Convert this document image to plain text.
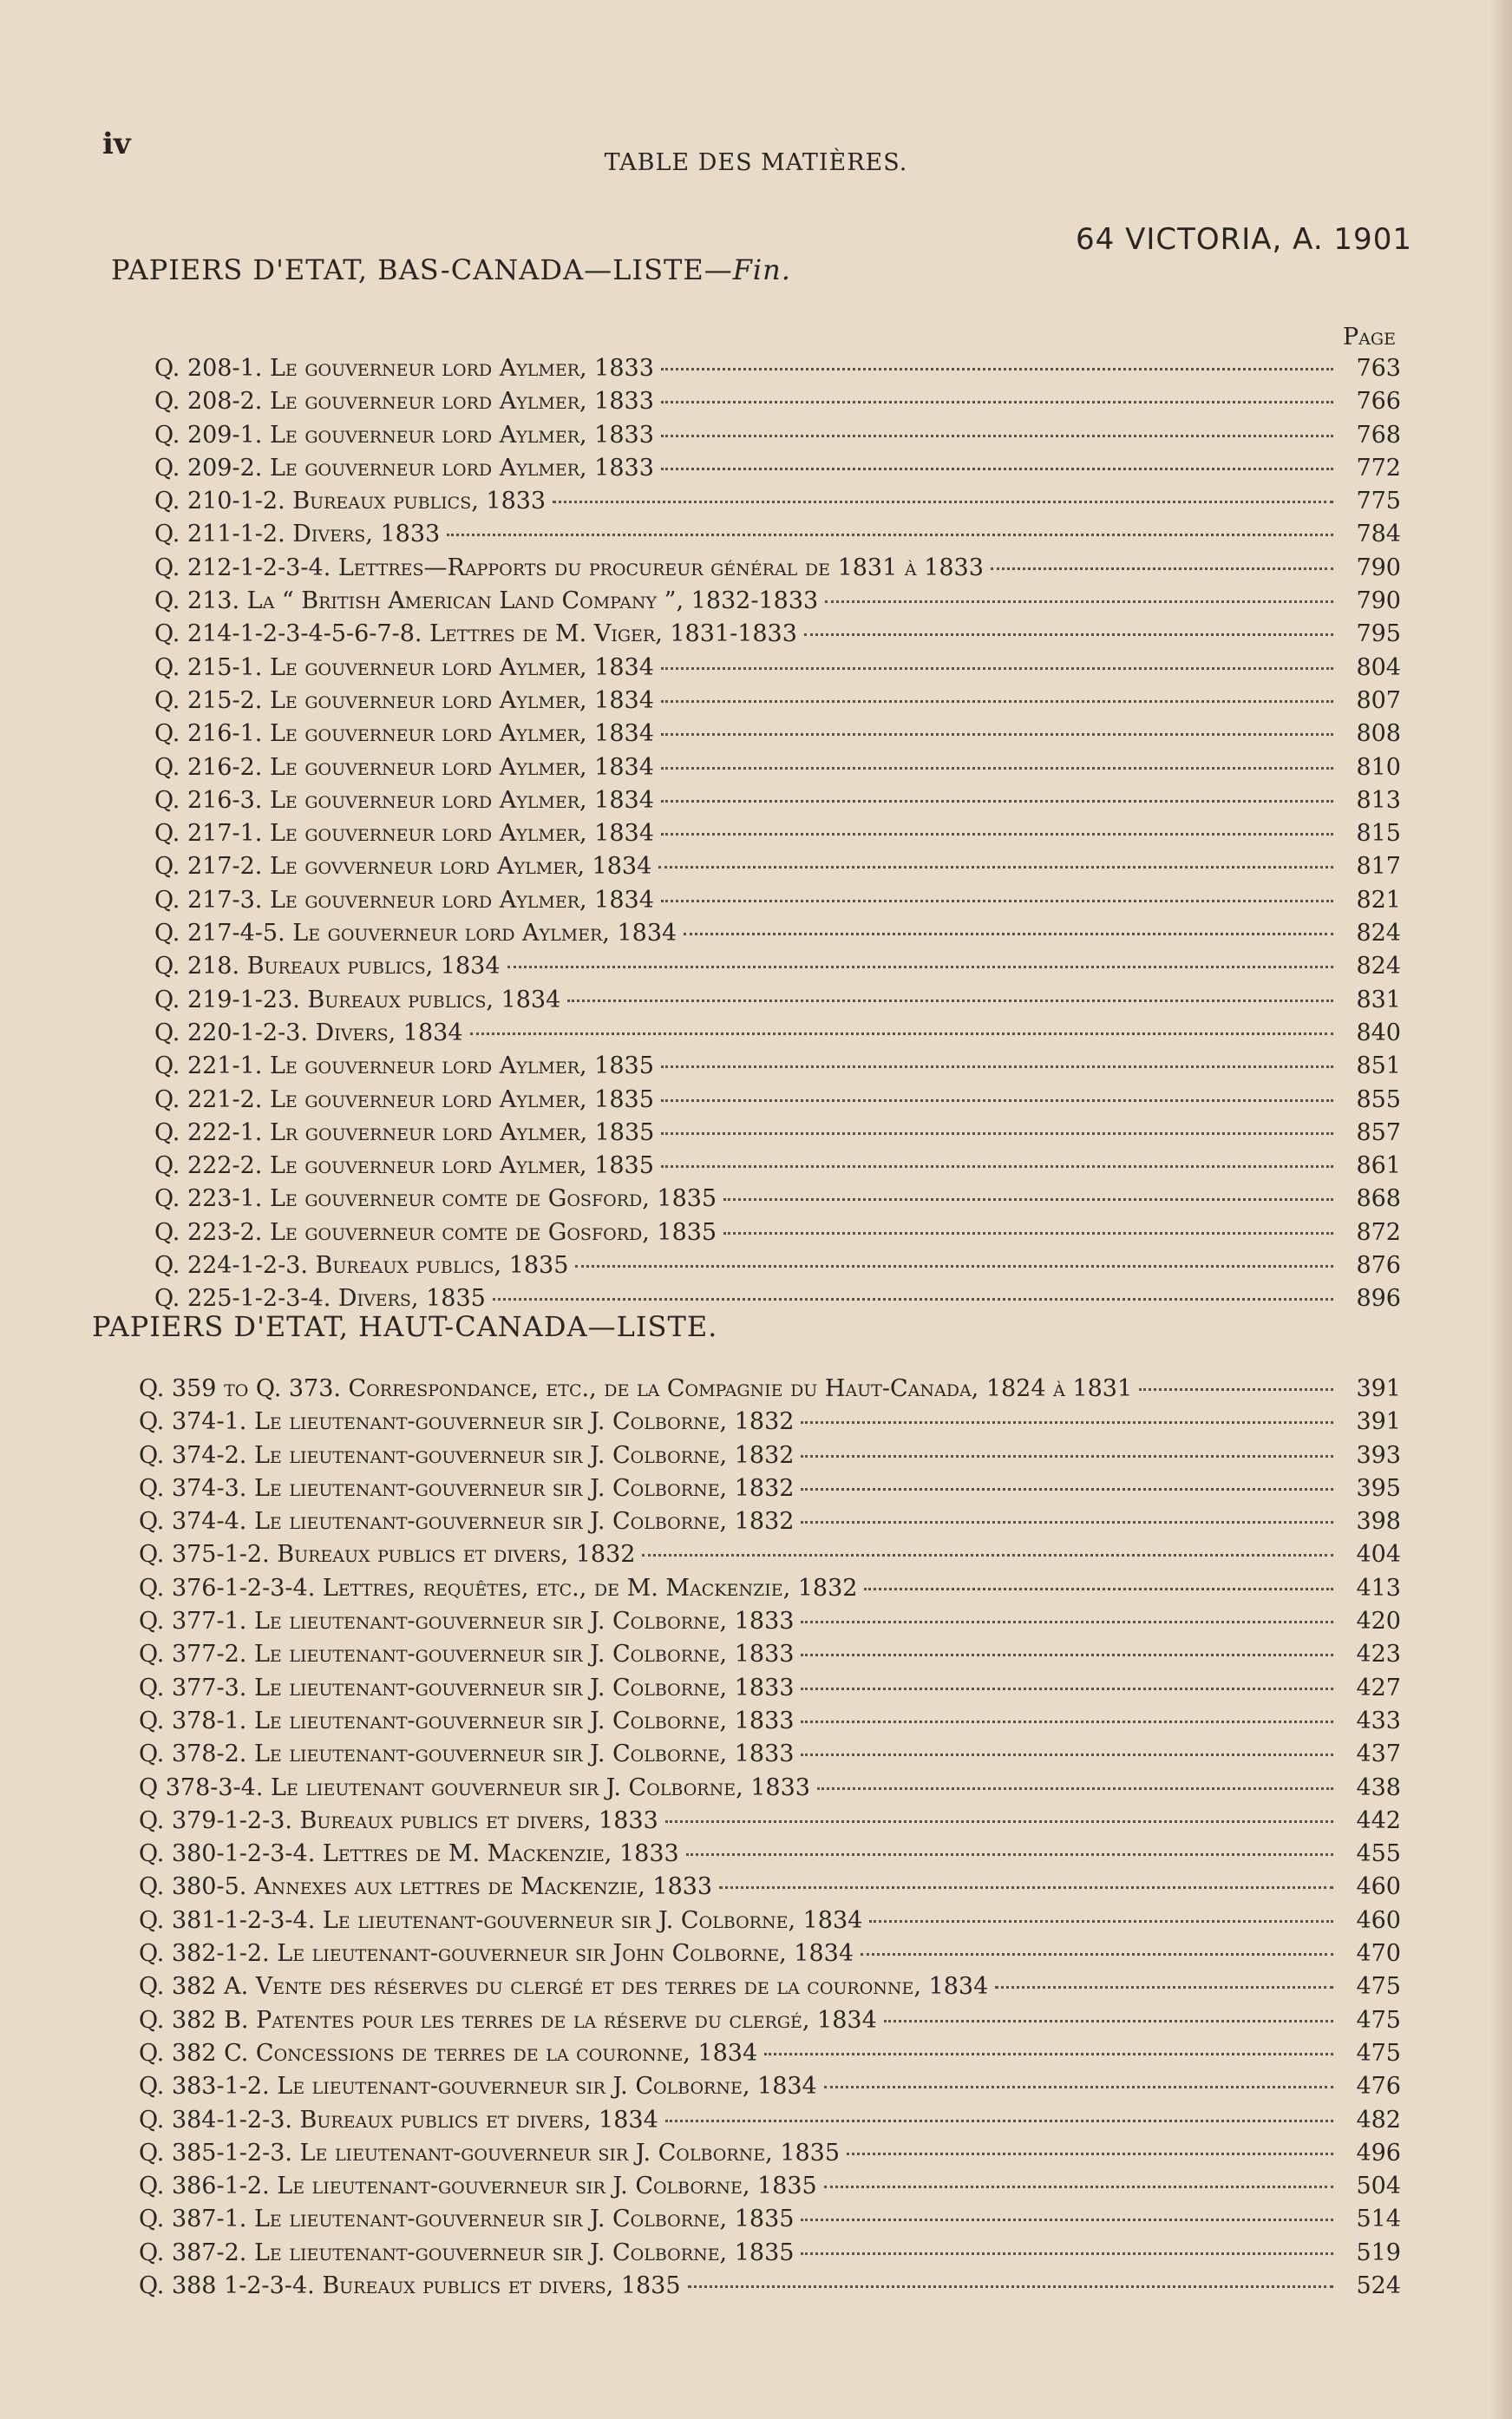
iv
TABLE DES MATIÈRES.
64 VICTORIA, A. 1901
PAPIERS D'ETAT, BAS-CANADA—LISTE—Fin.
Page
Q. 208-1. Le gouverneur lord Aylmer, 1833	763
Q. 208-2. Le gouverneur lord Aylmer, 1833	766
Q. 209-1. Le gouverneur lord Aylmer, 1833	768
Q. 209-2. Le gouverneur lord Aylmer, 1833	772
Q. 210-1-2. Bureaux publics, 1833	775
Q. 211-1-2. Divers, 1833	784
Q. 212-1-2-3-4. Lettres—Rapports du procureur général de 1831 à 1833	790
Q. 213. La “ British American Land Company ”, 1832-1833	790
Q. 214-1-2-3-4-5-6-7-8. Lettres de M. Viger, 1831-1833	795
Q. 215-1. Le gouverneur lord Aylmer, 1834	804
Q. 215-2. Le gouverneur lord Aylmer, 1834	807
Q. 216-1. Le gouverneur lord Aylmer, 1834	808
Q. 216-2. Le gouverneur lord Aylmer, 1834	810
Q. 216-3. Le gouverneur lord Aylmer, 1834	813
Q. 217-1. Le gouverneur lord Aylmer, 1834	815
Q. 217-2. Le govverneur lord Aylmer, 1834	817
Q. 217-3. Le gouverneur lord Aylmer, 1834	821
Q. 217-4-5. Le gouverneur lord Aylmer, 1834	824
Q. 218. Bureaux publics, 1834	824
Q. 219-1-23. Bureaux publics, 1834	831
Q. 220-1-2-3. Divers, 1834	840
Q. 221-1. Le gouverneur lord Aylmer, 1835	851
Q. 221-2. Le gouverneur lord Aylmer, 1835	855
Q. 222-1. Lr gouverneur lord Aylmer, 1835	857
Q. 222-2. Le gouverneur lord Aylmer, 1835	861
Q. 223-1. Le gouverneur comte de Gosford, 1835	868
Q. 223-2. Le gouverneur comte de Gosford, 1835	872
Q. 224-1-2-3. Bureaux publics, 1835	876
Q. 225-1-2-3-4. Divers, 1835	896
PAPIERS D'ETAT, HAUT-CANADA—LISTE.
Q. 359 to Q. 373. Correspondance, etc., de la Compagnie du Haut-Canada, 1824 à 1831	391
Q. 374-1. Le lieutenant-gouverneur sir J. Colborne, 1832	391
Q. 374-2. Le lieutenant-gouverneur sir J. Colborne, 1832	393
Q. 374-3. Le lieutenant-gouverneur sir J. Colborne, 1832	395
Q. 374-4. Le lieutenant-gouverneur sir J. Colborne, 1832	398
Q. 375-1-2. Bureaux publics et divers, 1832	404
Q. 376-1-2-3-4. Lettres, requêtes, etc., de M. Mackenzie, 1832	413
Q. 377-1. Le lieutenant-gouverneur sir J. Colborne, 1833	420
Q. 377-2. Le lieutenant-gouverneur sir J. Colborne, 1833	423
Q. 377-3. Le lieutenant-gouverneur sir J. Colborne, 1833	427
Q. 378-1. Le lieutenant-gouverneur sir J. Colborne, 1833	433
Q. 378-2. Le lieutenant-gouverneur sir J. Colborne, 1833	437
Q 378-3-4. Le lieutenant gouverneur sir J. Colborne, 1833	438
Q. 379-1-2-3. Bureaux publics et divers, 1833	442
Q. 380-1-2-3-4. Lettres de M. Mackenzie, 1833	455
Q. 380-5. Annexes aux lettres de Mackenzie, 1833	460
Q. 381-1-2-3-4. Le lieutenant-gouverneur sir J. Colborne, 1834	460
Q. 382-1-2. Le lieutenant-gouverneur sir John Colborne, 1834	470
Q. 382 A. Vente des réserves du clergé et des terres de la couronne, 1834	475
Q. 382 B. Patentes pour les terres de la réserve du clergé, 1834	475
Q. 382 C. Concessions de terres de la couronne, 1834	475
Q. 383-1-2. Le lieutenant-gouverneur sir J. Colborne, 1834	476
Q. 384-1-2-3. Bureaux publics et divers, 1834	482
Q. 385-1-2-3. Le lieutenant-gouverneur sir J. Colborne, 1835	496
Q. 386-1-2. Le lieutenant-gouverneur sir J. Colborne, 1835	504
Q. 387-1. Le lieutenant-gouverneur sir J. Colborne, 1835	514
Q. 387-2. Le lieutenant-gouverneur sir J. Colborne, 1835	519
Q. 388 1-2-3-4. Bureaux publics et divers, 1835	524
